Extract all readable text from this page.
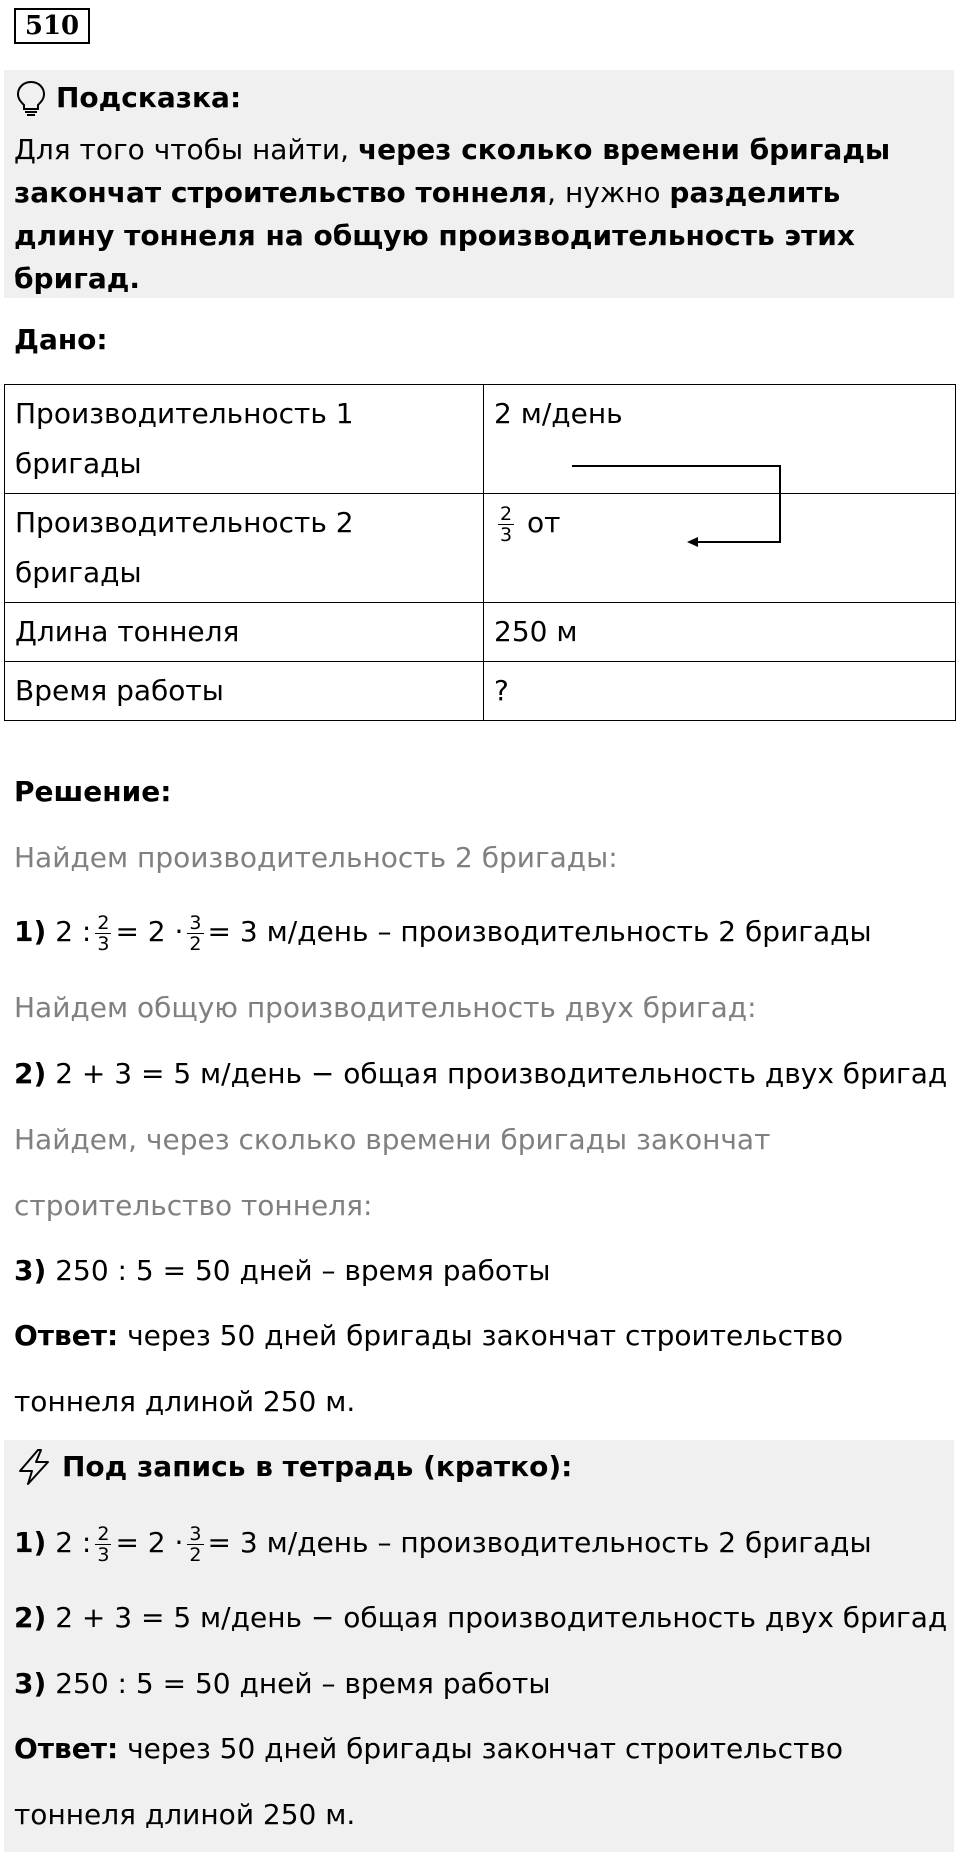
510
Подсказка:
Для того чтобы найти, через сколько времени бригады закончат строительство тоннеля, нужно разделить длину тоннеля на общую производительность этих бригад.
Дано:
Производительность 1 бригады	2 м/день
Производительность 2 бригады	$\frac{2}{3}$ от
Длина тоннеля	250 м
Время работы	?
Решение:
Найдем производительность 2 бригады:
1) 2 : $\frac{2}{3} = 2 \cdot \frac{3}{2} = 3$ м/день – производительность 2 бригады
Найдем общую производительность двух бригад:
2) 2 + 3 = 5 м/день − общая производительность двух бригад
Найдем, через сколько времени бригады закончат
строительство тоннеля:
3) 250 : 5 = 50 дней – время работы
Ответ: через 50 дней бригады закончат строительство
тоннеля длиной 250 м.
Под запись в тетрадь (кратко):
1) 2 : $\frac{2}{3} = 2 \cdot \frac{3}{2} = 3$ м/день – производительность 2 бригады
2) 2 + 3 = 5 м/день − общая производительность двух бригад
3) 250 : 5 = 50 дней – время работы
Ответ: через 50 дней бригады закончат строительство
тоннеля длиной 250 м.
